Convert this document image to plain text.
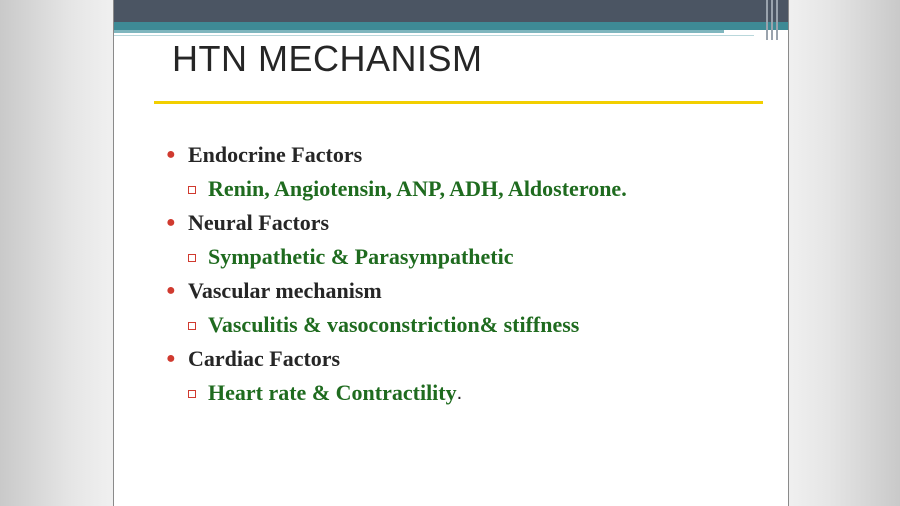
HTN MECHANISM
● Endocrine Factors
Renin, Angiotensin, ANP, ADH, Aldosterone.
● Neural Factors
Sympathetic & Parasympathetic
● Vascular mechanism
Vasculitis & vasoconstriction& stiffness
● Cardiac Factors
Heart rate & Contractility .
